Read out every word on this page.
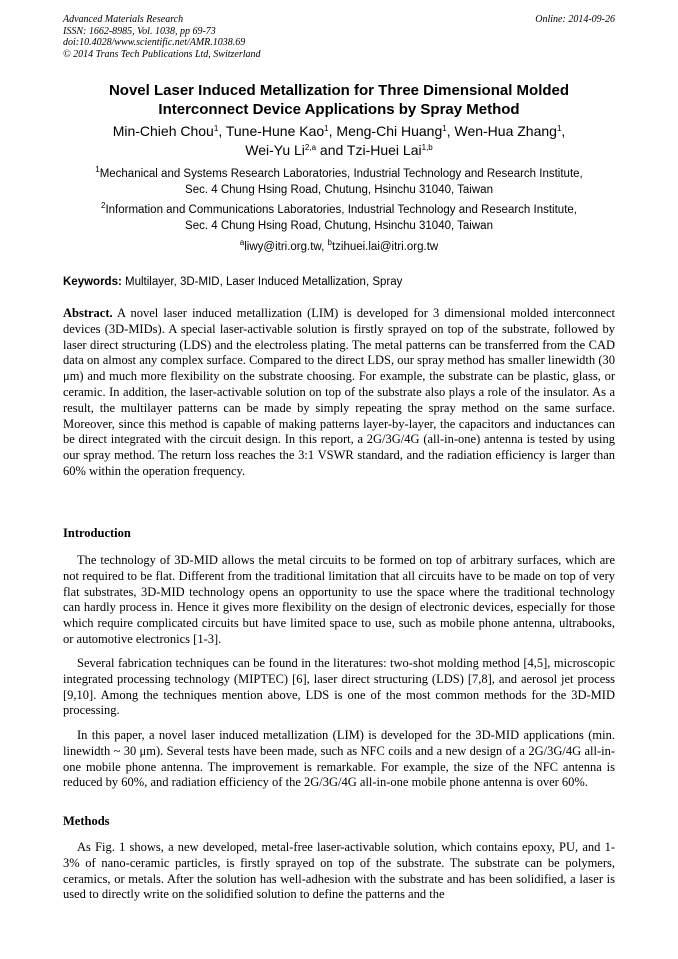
Advanced Materials Research
ISSN: 1662-8985, Vol. 1038, pp 69-73
doi:10.4028/www.scientific.net/AMR.1038.69
© 2014 Trans Tech Publications Ltd, Switzerland
Online: 2014-09-26
Novel Laser Induced Metallization for Three Dimensional Molded
Interconnect Device Applications by Spray Method
Min-Chieh Chou$^1$, Tune-Hune Kao$^1$, Meng-Chi Huang$^1$, Wen-Hua Zhang$^1$,
Wei-Yu Li$^{2,a}$ and Tzi-Huei Lai$^{1,b}$
$^1$Mechanical and Systems Research Laboratories, Industrial Technology and Research Institute,
Sec. 4 Chung Hsing Road, Chutung, Hsinchu 31040, Taiwan
$^2$Information and Communications Laboratories, Industrial Technology and Research Institute,
Sec. 4 Chung Hsing Road, Chutung, Hsinchu 31040, Taiwan
$^a$liwy@itri.org.tw, $^b$tzihuei.lai@itri.org.tw
Keywords: Multilayer, 3D-MID, Laser Induced Metallization, Spray
Abstract. A novel laser induced metallization (LIM) is developed for 3 dimensional molded interconnect devices (3D-MIDs). A special laser-activable solution is firstly sprayed on top of the substrate, followed by laser direct structuring (LDS) and the electroless plating. The metal patterns can be transferred from the CAD data on almost any complex surface. Compared to the direct LDS, our spray method has smaller linewidth (30 μm) and much more flexibility on the substrate choosing. For example, the substrate can be plastic, glass, or ceramic. In addition, the laser-activable solution on top of the substrate also plays a role of the insulator. As a result, the multilayer patterns can be made by simply repeating the spray method on the same surface. Moreover, since this method is capable of making patterns layer-by-layer, the capacitors and inductances can be direct integrated with the circuit design. In this report, a 2G/3G/4G (all-in-one) antenna is tested by using our spray method. The return loss reaches the 3:1 VSWR standard, and the radiation efficiency is larger than 60% within the operation frequency.
Introduction
The technology of 3D-MID allows the metal circuits to be formed on top of arbitrary surfaces, which are not required to be flat. Different from the traditional limitation that all circuits have to be made on top of very flat substrates, 3D-MID technology opens an opportunity to use the space where the traditional technology can hardly process in. Hence it gives more flexibility on the design of electronic devices, especially for those which require complicated circuits but have limited space to use, such as mobile phone antenna, ultrabooks, or automotive electronics [1-3].
Several fabrication techniques can be found in the literatures: two-shot molding method [4,5], microscopic integrated processing technology (MIPTEC) [6], laser direct structuring (LDS) [7,8], and aerosol jet process [9,10]. Among the techniques mention above, LDS is one of the most common methods for the 3D-MID processing.
In this paper, a novel laser induced metallization (LIM) is developed for the 3D-MID applications (min. linewidth ~ 30 μm). Several tests have been made, such as NFC coils and a new design of a 2G/3G/4G all-in-one mobile phone antenna. The improvement is remarkable. For example, the size of the NFC antenna is reduced by 60%, and radiation efficiency of the 2G/3G/4G all-in-one mobile phone antenna is over 60%.
Methods
As Fig. 1 shows, a new developed, metal-free laser-activable solution, which contains epoxy, PU, and 1-3% of nano-ceramic particles, is firstly sprayed on top of the substrate. The substrate can be polymers, ceramics, or metals. After the solution has well-adhesion with the substrate and has been solidified, a laser is used to directly write on the solidified solution to define the patterns and the
